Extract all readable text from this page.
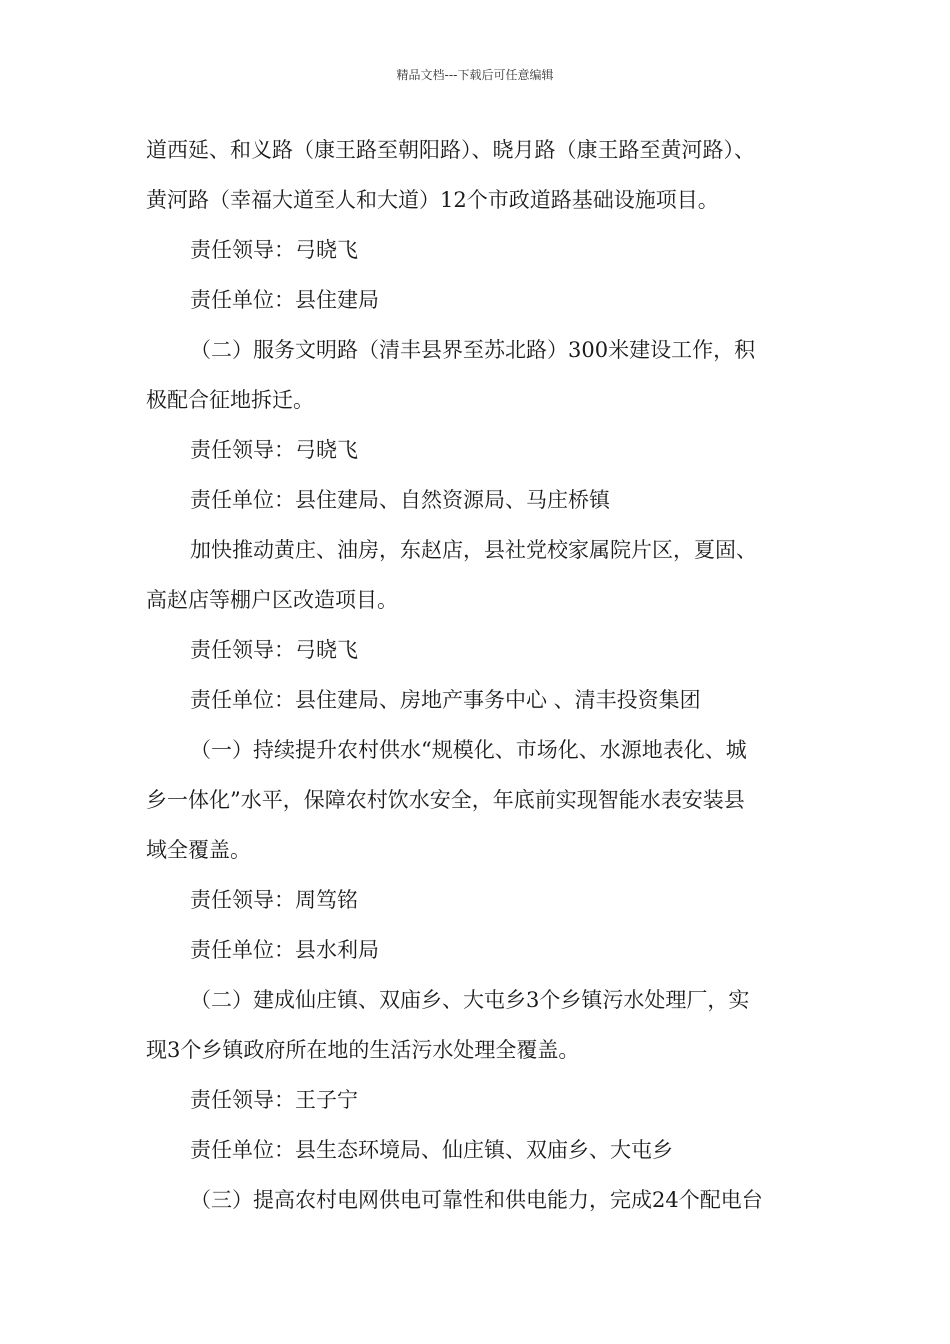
精品文档---下载后可任意编辑
道西延、和义路（康王路至朝阳路）、晓月路（康王路至黄河路）、
黄河路（幸福大道至人和大道）12个市政道路基础设施项目。
责任领导：弓晓飞
责任单位：县住建局
（二）服务文明路（清丰县界至苏北路）300米建设工作，积
极配合征地拆迁。
责任领导：弓晓飞
责任单位：县住建局、自然资源局、马庄桥镇
加快推动黄庄、油房，东赵店，县社党校家属院片区，夏固、
高赵店等棚户区改造项目。
责任领导：弓晓飞
责任单位：县住建局、房地产事务中心 、清丰投资集团
（一）持续提升农村供水“规模化、市场化、水源地表化、城
乡一体化”水平，保障农村饮水安全，年底前实现智能水表安装县
域全覆盖。
责任领导：周笃铭
责任单位：县水利局
（二）建成仙庄镇、双庙乡、大屯乡3个乡镇污水处理厂，实
现3个乡镇政府所在地的生活污水处理全覆盖。
责任领导：王子宁
责任单位：县生态环境局、仙庄镇、双庙乡、大屯乡
（三）提高农村电网供电可靠性和供电能力，完成24个配电台
